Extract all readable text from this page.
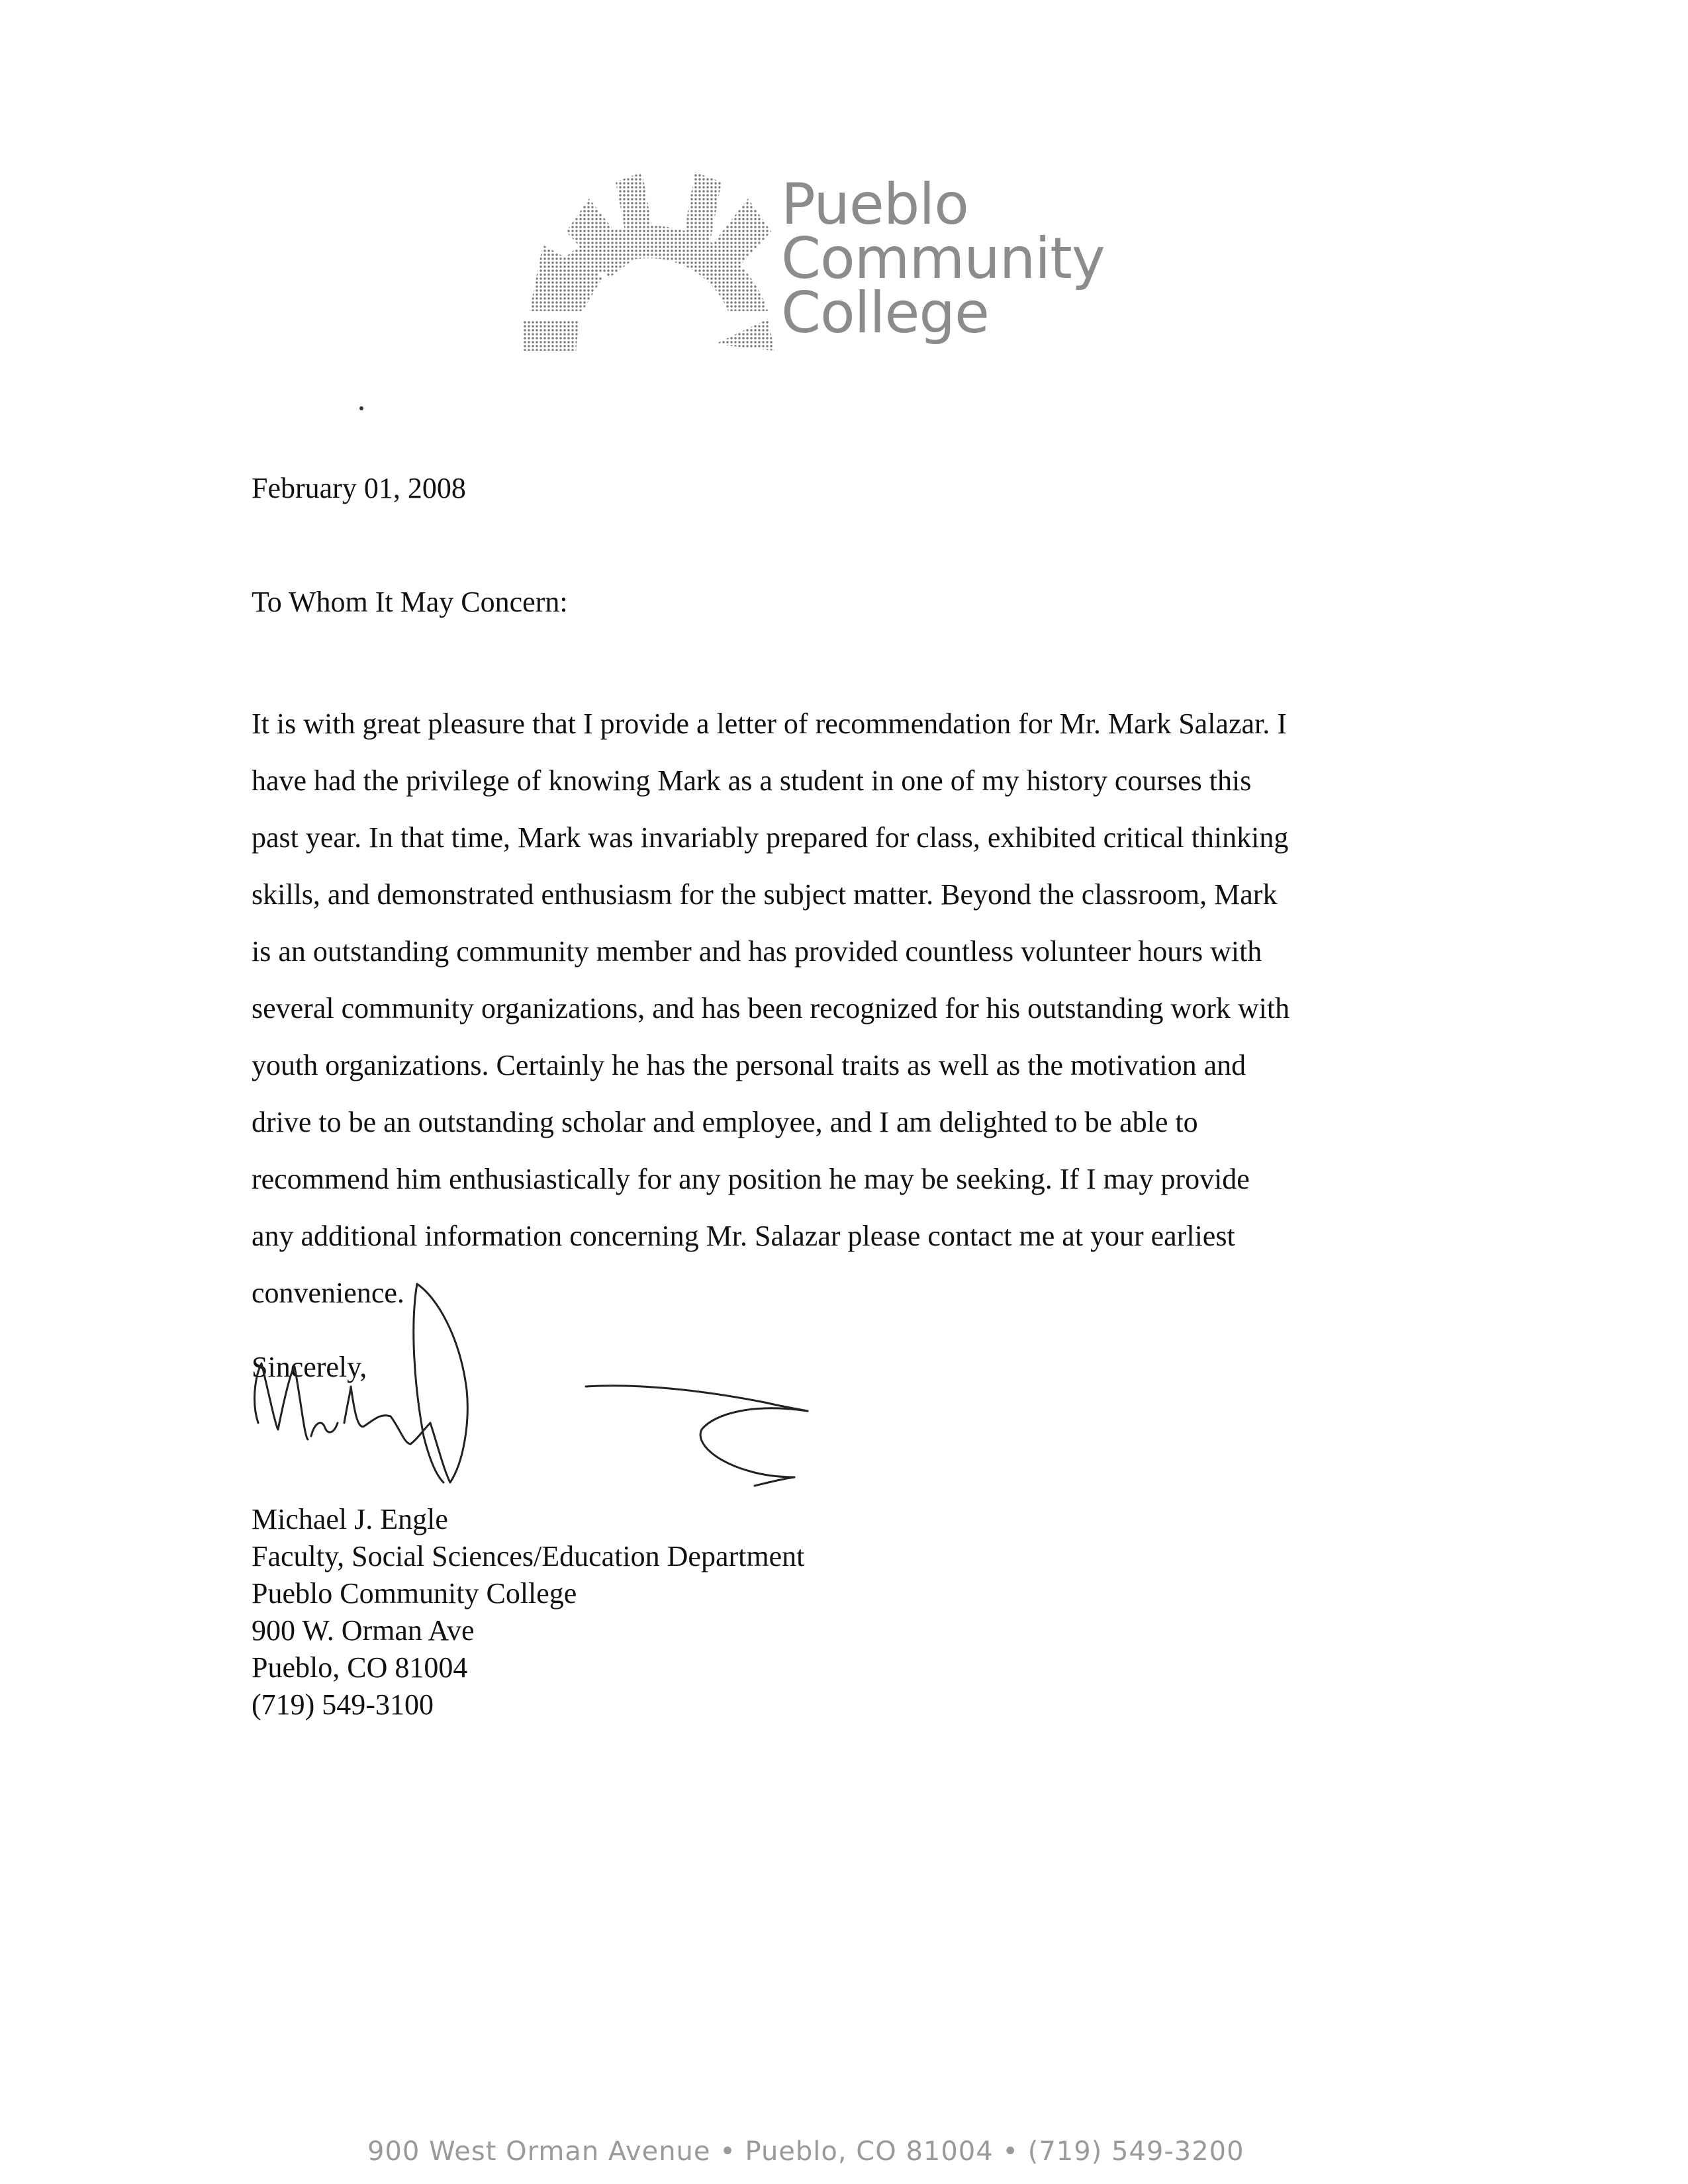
Pueblo
Community
College
February 01, 2008
To Whom It May Concern:
It is with great pleasure that I provide a letter of recommendation for Mr. Mark Salazar. I
have had the privilege of knowing Mark as a student in one of my history courses this
past year. In that time, Mark was invariably prepared for class, exhibited critical thinking
skills, and demonstrated enthusiasm for the subject matter. Beyond the classroom, Mark
is an outstanding community member and has provided countless volunteer hours with
several community organizations, and has been recognized for his outstanding work with
youth organizations. Certainly he has the personal traits as well as the motivation and
drive to be an outstanding scholar and employee, and I am delighted to be able to
recommend him enthusiastically for any position he may be seeking. If I may provide
any additional information concerning Mr. Salazar please contact me at your earliest
convenience.
Sincerely,
Michael J. Engle
Faculty, Social Sciences/Education Department
Pueblo Community College
900 W. Orman Ave
Pueblo, CO 81004
(719) 549-3100
900 West Orman Avenue • Pueblo, CO 81004 • (719) 549-3200
